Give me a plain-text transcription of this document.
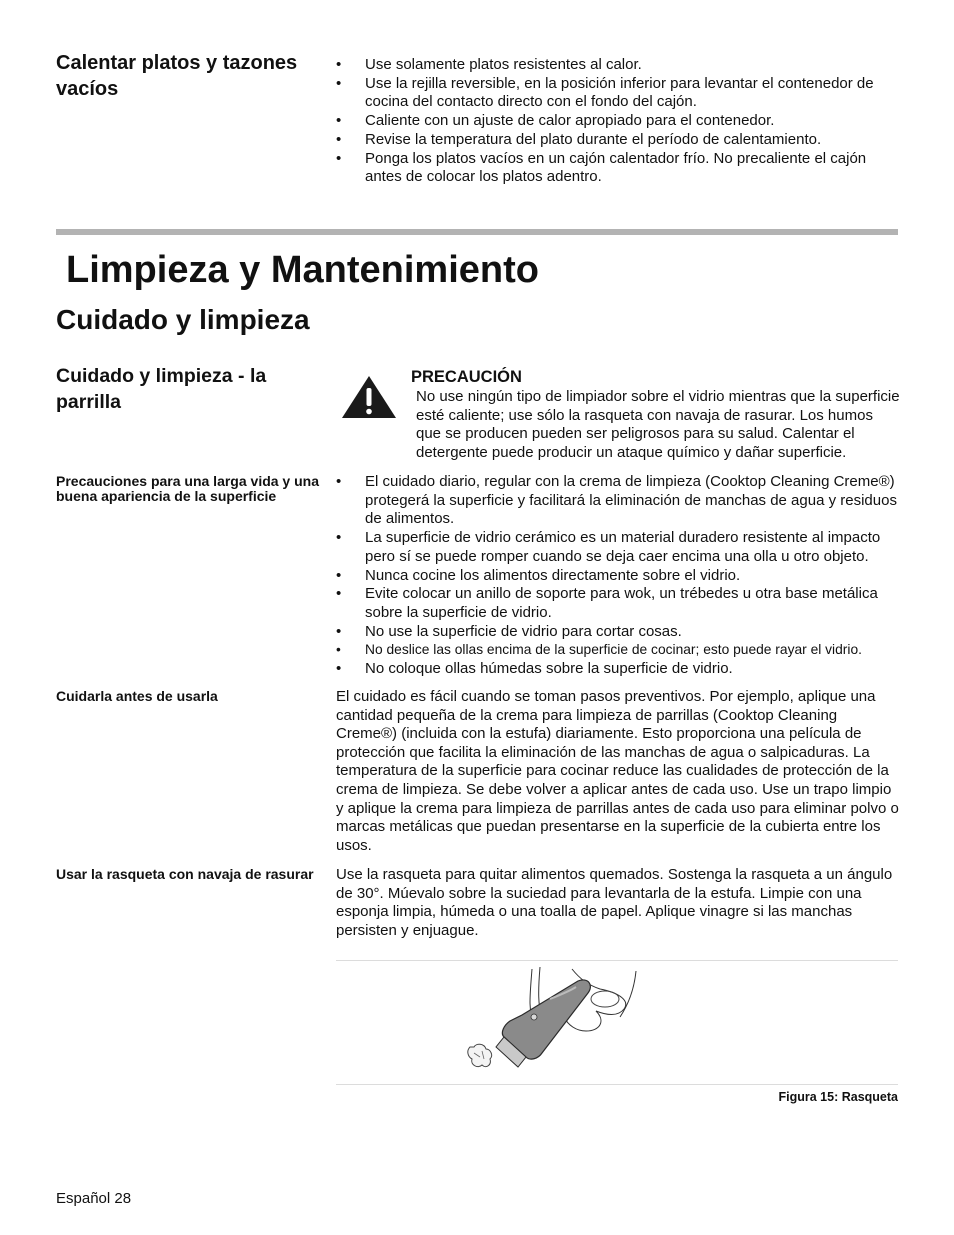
Calentar platos y tazones vacíos
• Use solamente platos resistentes al calor.
• Use la rejilla reversible, en la posición inferior para levantar el contenedor de cocina del contacto directo con el fondo del cajón.
• Caliente con un ajuste de calor apropiado para el contenedor.
• Revise la temperatura del plato durante el período de calentamiento.
• Ponga los platos vacíos en un cajón calentador frío. No precaliente el cajón antes de colocar los platos adentro.
Limpieza y Mantenimiento
Cuidado y limpieza
Cuidado y limpieza - la parrilla
PRECAUCIÓN
No use ningún tipo de limpiador sobre el vidrio mientras que la superficie esté caliente; use sólo la rasqueta con navaja de rasurar. Los humos que se producen pueden ser peligrosos para su salud. Calentar el detergente puede producir un ataque químico y dañar superficie.
Precauciones para una larga vida y una buena apariencia de la superficie
• El cuidado diario, regular con la crema de limpieza (Cooktop Cleaning Creme®) protegerá la superficie y facilitará la eliminación de manchas de agua y residuos de alimentos.
• La superficie de vidrio cerámico es un material duradero resistente al impacto pero sí se puede romper cuando se deja caer encima una olla u otro objeto.
• Nunca cocine los alimentos directamente sobre el vidrio.
• Evite colocar un anillo de soporte para wok, un trébedes u otra base metálica sobre la superficie de vidrio.
• No use la superficie de vidrio para cortar cosas.
• No deslice las ollas encima de la superficie de cocinar; esto puede rayar el vidrio.
• No coloque ollas húmedas sobre la superficie de vidrio.
Cuidarla antes de usarla	El cuidado es fácil cuando se toman pasos preventivos. Por ejemplo, aplique una cantidad pequeña de la crema para limpieza de parrillas (Cooktop Cleaning Creme®) (incluida con la estufa) diariamente. Esto proporciona una película de protección que facilita la eliminación de las manchas de agua o salpicaduras. La temperatura de la superficie para cocinar reduce las cualidades de protección de la crema de limpieza. Se debe volver a aplicar antes de cada uso. Use un trapo limpio y aplique la crema para limpieza de parrillas antes de cada uso para eliminar polvo o marcas metálicas que puedan presentarse en la superficie de la cubierta entre los usos.
Usar la rasqueta con navaja de rasurar Use la rasqueta para quitar alimentos quemados. Sostenga la rasqueta a un ángulo de 30°. Múevalo sobre la suciedad para levantarla de la estufa. Limpie con una esponja limpia, húmeda o una toalla de papel. Aplique vinagre si las manchas persisten y enjuague.
Figura 15: Rasqueta
Español 28
